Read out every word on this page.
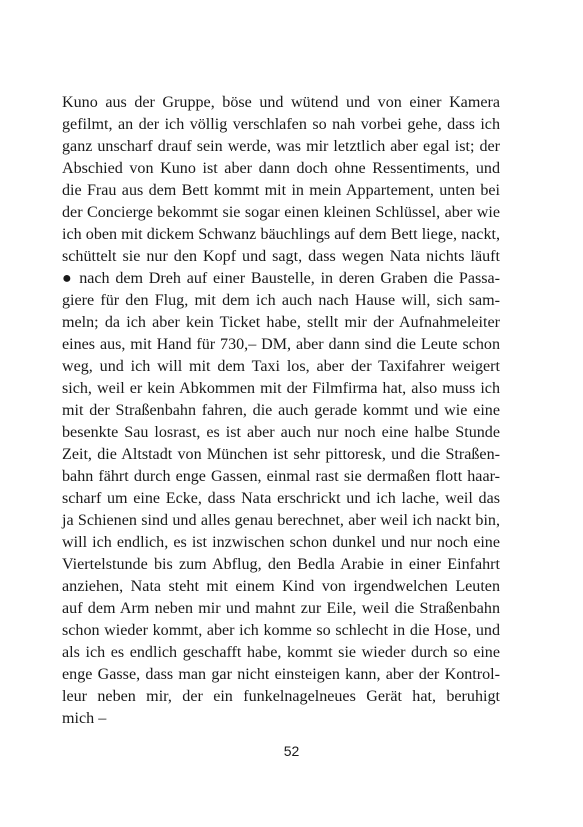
Kuno aus der Gruppe, böse und wütend und von einer Kamera
gefilmt, an der ich völlig verschlafen so nah vorbei gehe, dass ich
ganz unscharf drauf sein werde, was mir letztlich aber egal ist; der
Abschied von Kuno ist aber dann doch ohne Ressentiments, und
die Frau aus dem Bett kommt mit in mein Appartement, unten bei
der Concierge bekommt sie sogar einen kleinen Schlüssel, aber wie
ich oben mit dickem Schwanz bäuchlings auf dem Bett liege, nackt,
schüttelt sie nur den Kopf und sagt, dass wegen Nata nichts läuft
● nach dem Dreh auf einer Baustelle, in deren Graben die Passa-
giere für den Flug, mit dem ich auch nach Hause will, sich sam-
meln; da ich aber kein Ticket habe, stellt mir der Aufnahmeleiter
eines aus, mit Hand für 730,– DM, aber dann sind die Leute schon
weg, und ich will mit dem Taxi los, aber der Taxifahrer weigert
sich, weil er kein Abkommen mit der Filmfirma hat, also muss ich
mit der Straßenbahn fahren, die auch gerade kommt und wie eine
besenkte Sau losrast, es ist aber auch nur noch eine halbe Stunde
Zeit, die Altstadt von München ist sehr pittoresk, und die Straßen-
bahn fährt durch enge Gassen, einmal rast sie dermaßen flott haar-
scharf um eine Ecke, dass Nata erschrickt und ich lache, weil das
ja Schienen sind und alles genau berechnet, aber weil ich nackt bin,
will ich endlich, es ist inzwischen schon dunkel und nur noch eine
Viertelstunde bis zum Abflug, den Bedla Arabie in einer Einfahrt
anziehen, Nata steht mit einem Kind von irgendwelchen Leuten
auf dem Arm neben mir und mahnt zur Eile, weil die Straßenbahn
schon wieder kommt, aber ich komme so schlecht in die Hose, und
als ich es endlich geschafft habe, kommt sie wieder durch so eine
enge Gasse, dass man gar nicht einsteigen kann, aber der Kontrol-
leur neben mir, der ein funkelnagelneues Gerät hat, beruhigt
mich –
52
